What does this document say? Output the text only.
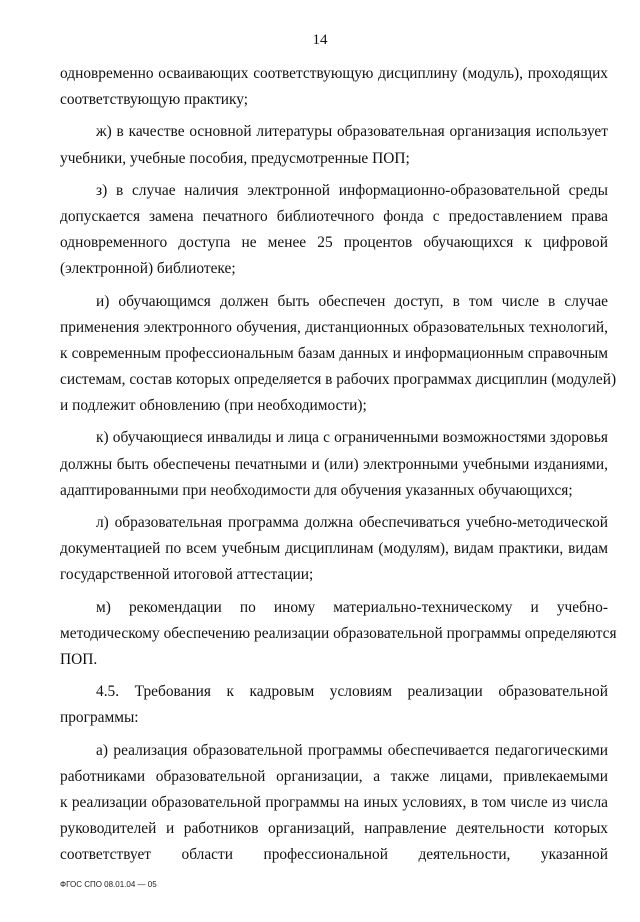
14
одновременно осваивающих соответствующую дисциплину (модуль), проходящих
соответствующую практику;
ж) в качестве основной литературы образовательная организация использует
учебники, учебные пособия, предусмотренные ПОП;
з) в случае наличия электронной информационно-образовательной среды
допускается замена печатного библиотечного фонда с предоставлением права
одновременного доступа не менее 25 процентов обучающихся к цифровой
(электронной) библиотеке;
и) обучающимся должен быть обеспечен доступ, в том числе в случае
применения электронного обучения, дистанционных образовательных технологий,
к современным профессиональным базам данных и информационным справочным
системам, состав которых определяется в рабочих программах дисциплин (модулей)
и подлежит обновлению (при необходимости);
к) обучающиеся инвалиды и лица с ограниченными возможностями здоровья
должны быть обеспечены печатными и (или) электронными учебными изданиями,
адаптированными при необходимости для обучения указанных обучающихся;
л) образовательная программа должна обеспечиваться учебно-методической
документацией по всем учебным дисциплинам (модулям), видам практики, видам
государственной итоговой аттестации;
м) рекомендации по иному материально-техническому и учебно-
методическому обеспечению реализации образовательной программы определяются
ПОП.
4.5. Требования к кадровым условиям реализации образовательной
программы:
а) реализация образовательной программы обеспечивается педагогическими
работниками образовательной организации, а также лицами, привлекаемыми
к реализации образовательной программы на иных условиях, в том числе из числа
руководителей и работников организаций, направление деятельности которых
соответствует области профессиональной деятельности, указанной
ФГОС СПО 08.01.04 — 05
